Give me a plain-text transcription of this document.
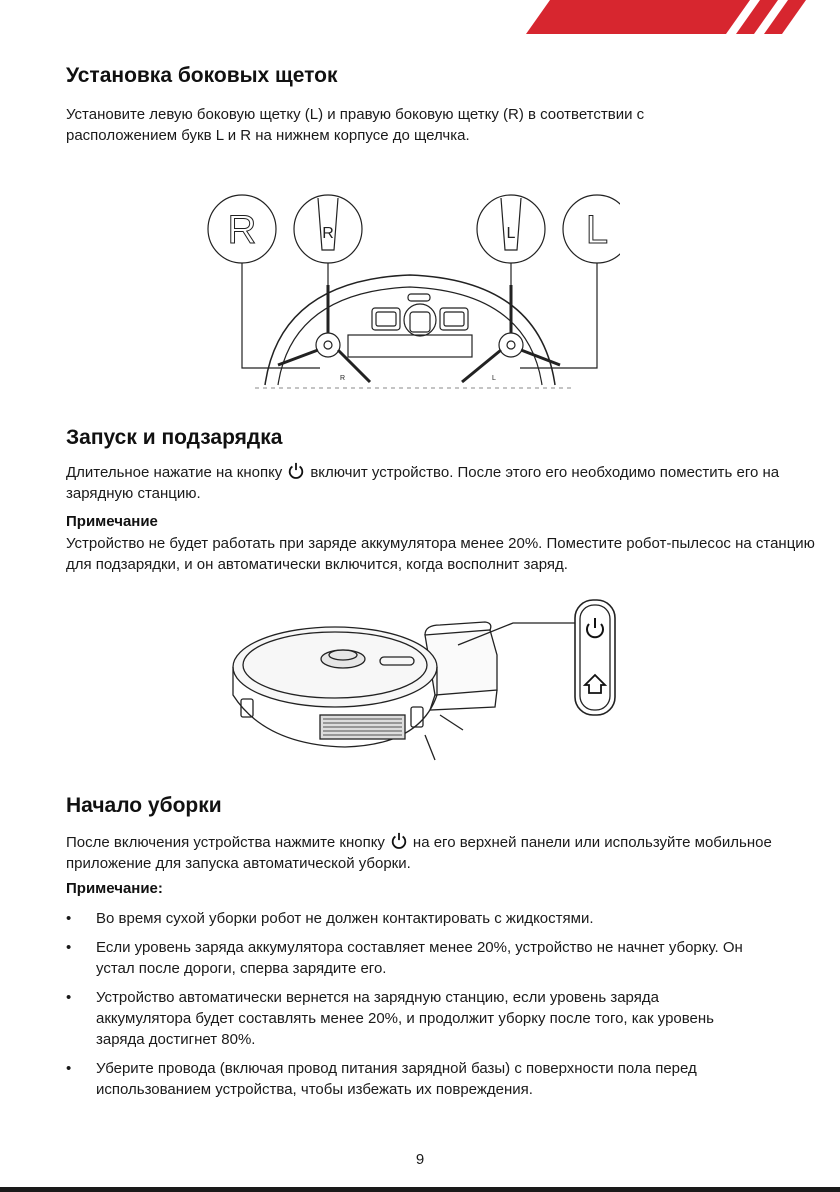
Установка боковых щеток

Установите левую боковую щетку (L) и правую боковую щетку (R) в соответствии с расположением букв L и R на нижнем корпусе до щелчка.

R	R	L L
R	L
Запуск и подзарядка

Длительное нажатие на кнопку включит устройство. После этого его необходимо поместить его на зарядную станцию.

Примечание

Устройство не будет работать при заряде аккумулятора менее 20%. Поместите робот-пылесос на станцию для подзарядки, и он автоматически включится, когда восполнит заряд.

Начало уборки

После включения устройства нажмите кнопку на его верхней панели или используйте мобильное приложение для запуска автоматической уборки.

Примечание:

• Во время сухой уборки робот не должен контактировать с жидкостями.
• Если уровень заряда аккумулятора составляет менее 20%, устройство не начнет уборку. Он устал после дороги, сперва зарядите его.
• Устройство автоматически вернется на зарядную станцию, если уровень заряда аккумулятора будет составлять менее 20%, и продолжит уборку после того, как уровень заряда достигнет 80%.
• Уберите провода (включая провод питания зарядной базы) с поверхности пола перед использованием устройства, чтобы избежать их повреждения.
9
